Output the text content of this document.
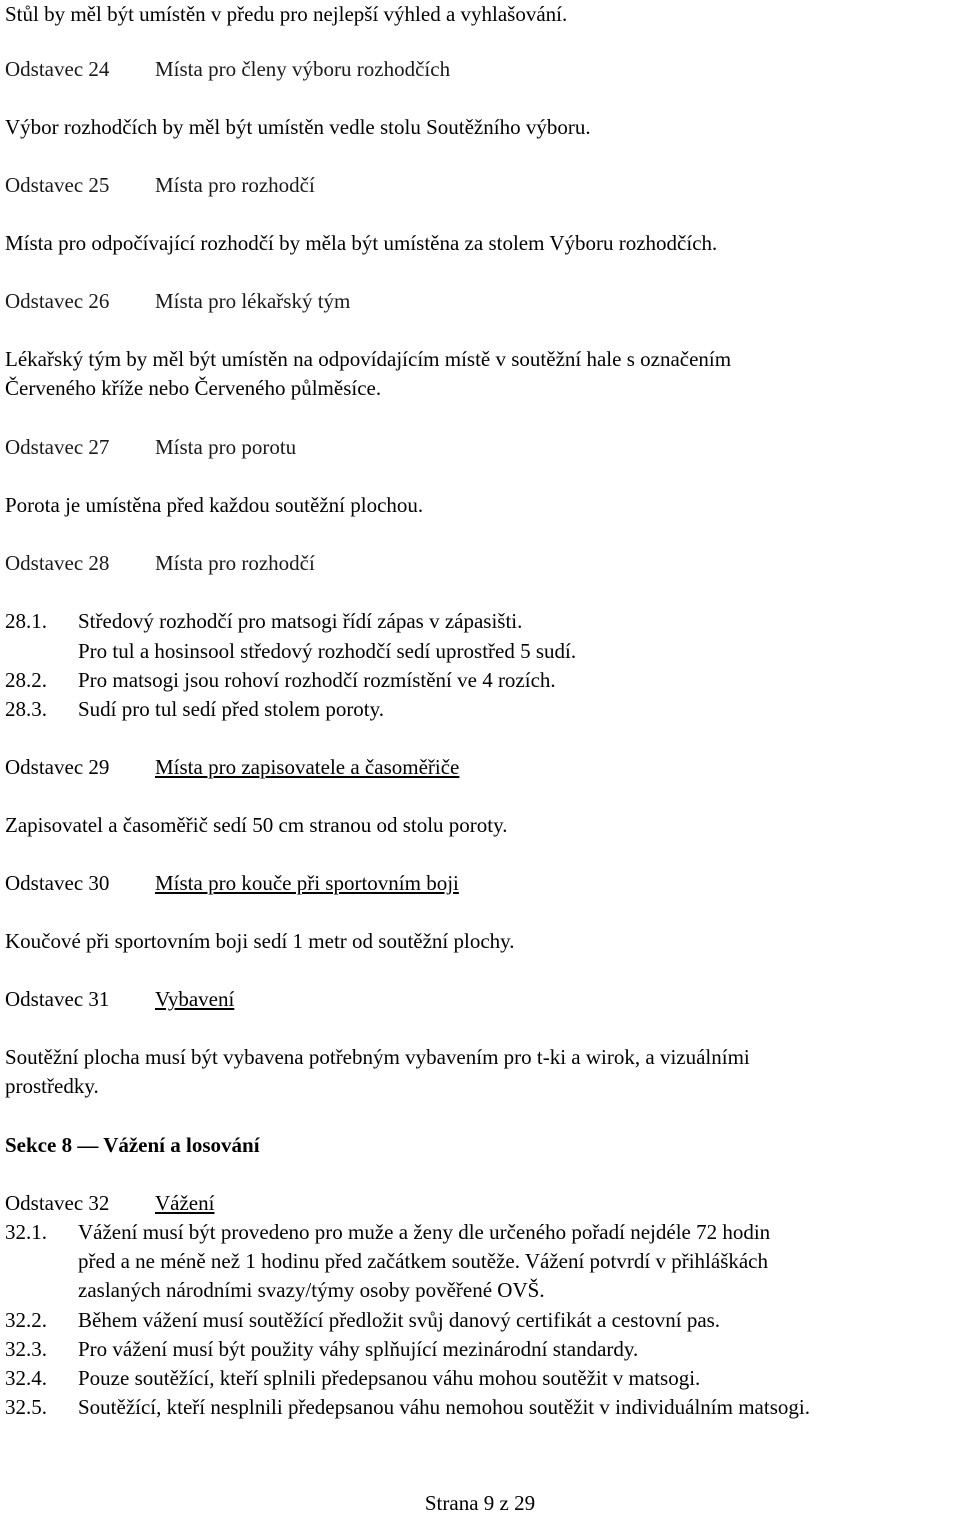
Stůl by měl být umístěn v předu pro nejlepší výhled a vyhlašování.
Odstavec 24 Místa pro členy výboru rozhodčích
Výbor rozhodčích by měl být umístěn vedle stolu Soutěžního výboru.
Odstavec 25 Místa pro rozhodčí
Místa pro odpočívající rozhodčí by měla být umístěna za stolem Výboru rozhodčích.
Odstavec 26 Místa pro lékařský tým
Lékařský tým by měl být umístěn na odpovídajícím místě v soutěžní hale s označením
Červeného kříže nebo Červeného půlměsíce.
Odstavec 27 Místa pro porotu
Porota je umístěna před každou soutěžní plochou.
Odstavec 28 Místa pro rozhodčí
28.1. Středový rozhodčí pro matsogi řídí zápas v zápasišti.
Pro tul a hosinsool středový rozhodčí sedí uprostřed 5 sudí.
28.2. Pro matsogi jsou rohoví rozhodčí rozmístění ve 4 rozích.
28.3. Sudí pro tul sedí před stolem poroty.
Odstavec 29 Místa pro zapisovatele a časoměřiče
Zapisovatel a časoměřič sedí 50 cm stranou od stolu poroty.
Odstavec 30 Místa pro kouče při sportovním boji
Koučové při sportovním boji sedí 1 metr od soutěžní plochy.
Odstavec 31 Vybavení
Soutěžní plocha musí být vybavena potřebným vybavením pro t-ki a wirok, a vizuálními
prostředky.
Sekce 8 — Vážení a losování
Odstavec 32 Vážení
32.1. Vážení musí být provedeno pro muže a ženy dle určeného pořadí nejdéle 72 hodin
před a ne méně než 1 hodinu před začátkem soutěže. Vážení potvrdí v přihláškách
zaslaných národními svazy/týmy osoby pověřené OVŠ.
32.2. Během vážení musí soutěžící předložit svůj danový certifikát a cestovní pas.
32.3. Pro vážení musí být použity váhy splňující mezinárodní standardy.
32.4. Pouze soutěžící, kteří splnili předepsanou váhu mohou soutěžit v matsogi.
32.5. Soutěžící, kteří nesplnili předepsanou váhu nemohou soutěžit v individuálním matsogi.
Strana 9 z 29
